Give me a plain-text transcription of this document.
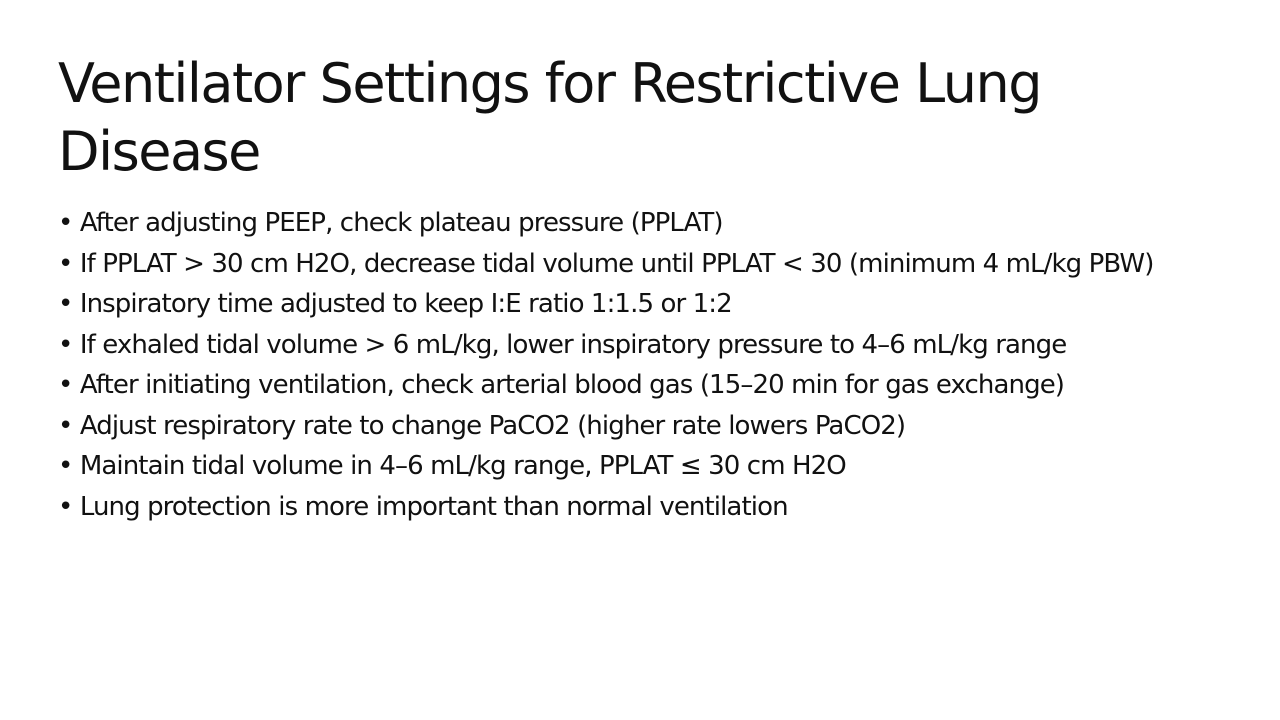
Ventilator Settings for Restrictive Lung Disease
• After adjusting PEEP, check plateau pressure (PPLAT)
• If PPLAT > 30 cm H2O, decrease tidal volume until PPLAT < 30 (minimum 4 mL/kg PBW)
• Inspiratory time adjusted to keep I:E ratio 1:1.5 or 1:2
• If exhaled tidal volume > 6 mL/kg, lower inspiratory pressure to 4–6 mL/kg range
• After initiating ventilation, check arterial blood gas (15–20 min for gas exchange)
• Adjust respiratory rate to change PaCO2 (higher rate lowers PaCO2)
• Maintain tidal volume in 4–6 mL/kg range, PPLAT ≤ 30 cm H2O
• Lung protection is more important than normal ventilation
